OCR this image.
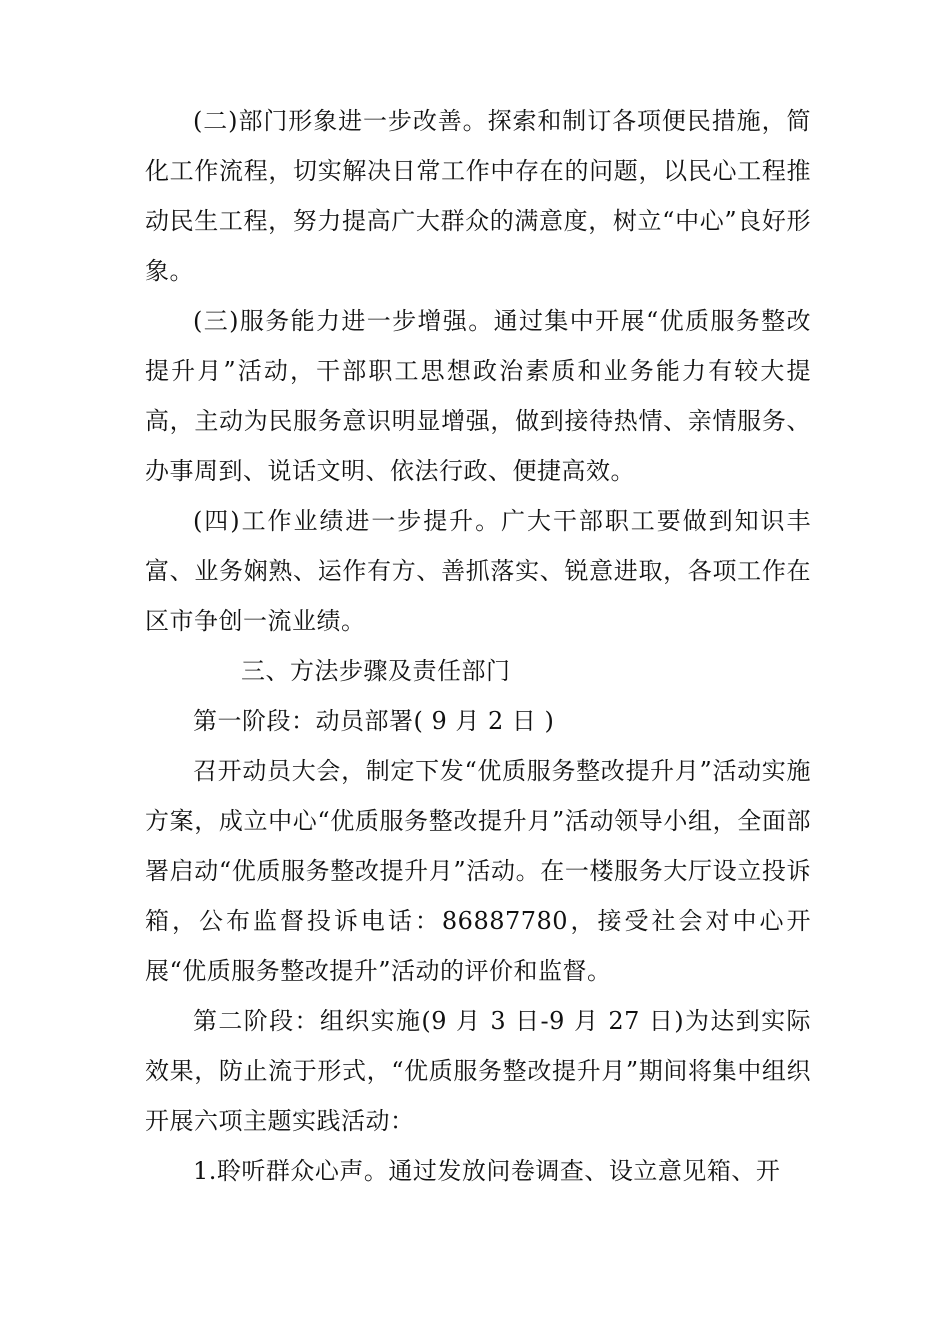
(二)部门形象进一步改善。探索和制订各项便民措施，简化工作流程，切实解决日常工作中存在的问题，以民心工程推动民生工程，努力提高广大群众的满意度，树立“中心”良好形象。

(三)服务能力进一步增强。通过集中开展“优质服务整改提升月”活动，干部职工思想政治素质和业务能力有较大提高，主动为民服务意识明显增强，做到接待热情、亲情服务、办事周到、说话文明、依法行政、便捷高效。

(四)工作业绩进一步提升。广大干部职工要做到知识丰富、业务娴熟、运作有方、善抓落实、锐意进取，各项工作在区市争创一流业绩。

三、方法步骤及责任部门

第一阶段：动员部署( 9 月 2 日 )

召开动员大会，制定下发“优质服务整改提升月”活动实施方案，成立中心“优质服务整改提升月”活动领导小组，全面部署启动“优质服务整改提升月”活动。在一楼服务大厅设立投诉箱，公布监督投诉电话：86887780，接受社会对中心开展“优质服务整改提升”活动的评价和监督。

第二阶段：组织实施(9 月 3 日-9 月 27 日)为达到实际效果，防止流于形式，“优质服务整改提升月”期间将集中组织开展六项主题实践活动：

1.聆听群众心声。通过发放问卷调查、设立意见箱、开
